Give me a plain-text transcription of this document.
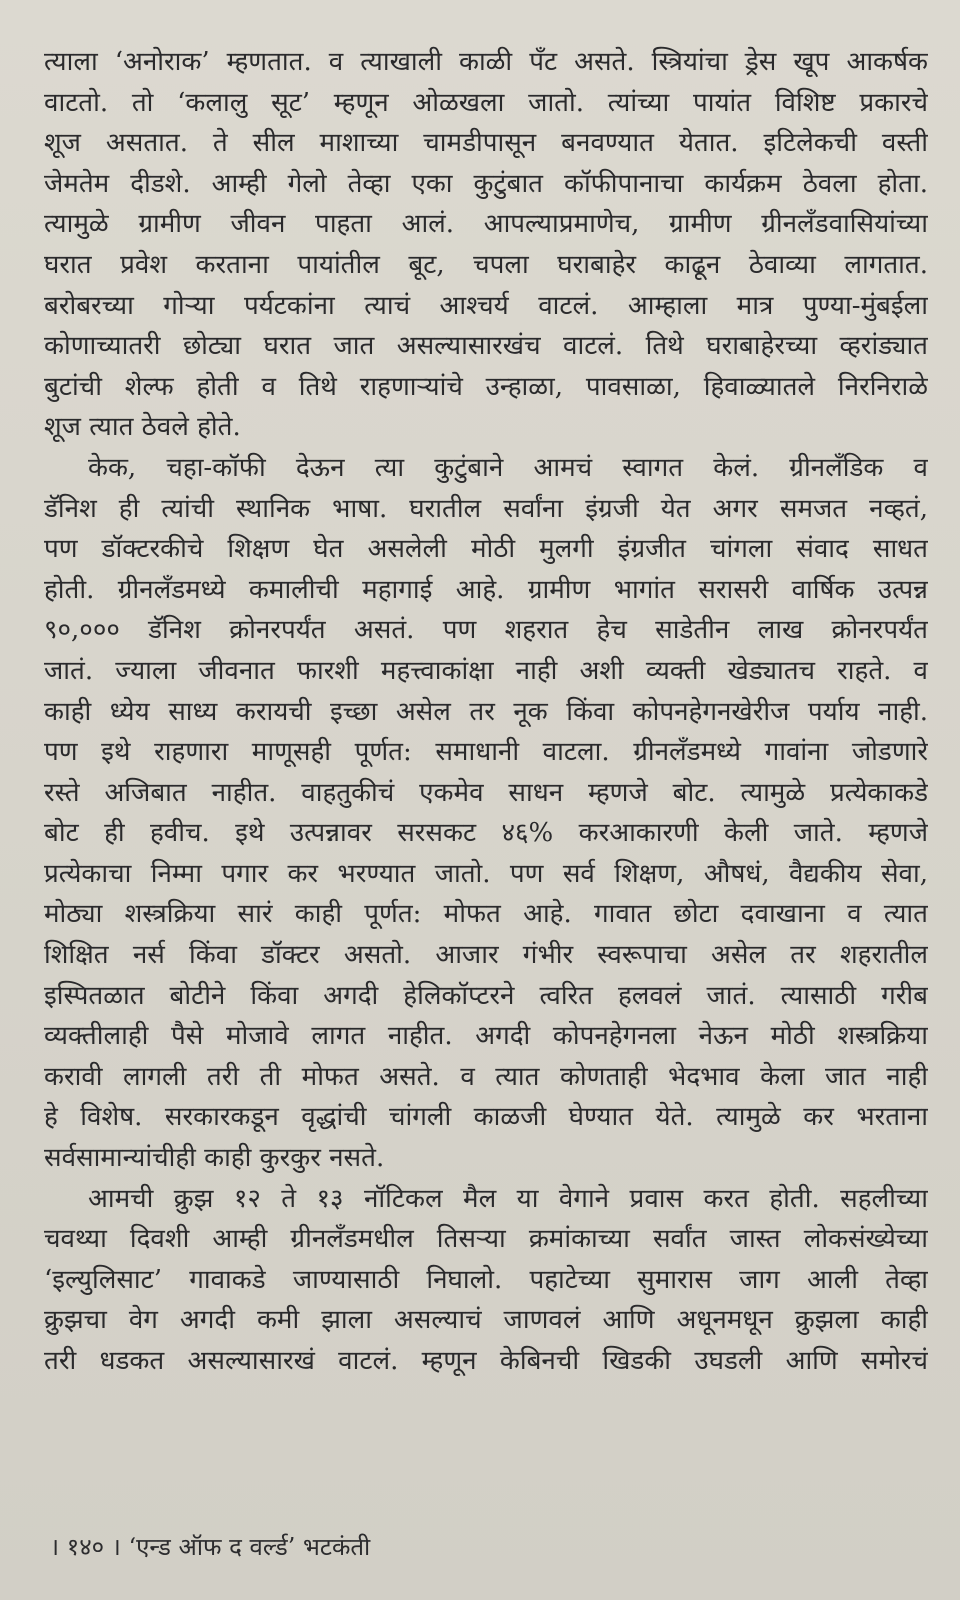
त्याला ‘अनोराक’ म्हणतात. व त्याखाली काळी पँट असते. स्त्रियांचा ड्रेस खूप आकर्षक
वाटतो. तो ‘कलालु सूट’ म्हणून ओळखला जातो. त्यांच्या पायांत विशिष्ट प्रकारचे
शूज असतात. ते सील माशाच्या चामडीपासून बनवण्यात येतात. इटिलेकची वस्ती
जेमतेम दीडशे. आम्ही गेलो तेव्हा एका कुटुंबात कॉफीपानाचा कार्यक्रम ठेवला होता.
त्यामुळे ग्रामीण जीवन पाहता आलं. आपल्याप्रमाणेच, ग्रामीण ग्रीनलँडवासियांच्या
घरात प्रवेश करताना पायांतील बूट, चपला घराबाहेर काढून ठेवाव्या लागतात.
बरोबरच्या गोऱ्या पर्यटकांना त्याचं आश्चर्य वाटलं. आम्हाला मात्र पुण्या-मुंबईला
कोणाच्यातरी छोट्या घरात जात असल्यासारखंच वाटलं. तिथे घराबाहेरच्या व्हरांड्यात
बुटांची शेल्फ होती व तिथे राहणाऱ्यांचे उन्हाळा, पावसाळा, हिवाळ्यातले निरनिराळे
शूज त्यात ठेवले होते.
केक, चहा-कॉफी देऊन त्या कुटुंबाने आमचं स्वागत केलं. ग्रीनलँडिक व
डॅनिश ही त्यांची स्थानिक भाषा. घरातील सर्वांना इंग्रजी येत अगर समजत नव्हतं,
पण डॉक्टरकीचे शिक्षण घेत असलेली मोठी मुलगी इंग्रजीत चांगला संवाद साधत
होती. ग्रीनलँडमध्ये कमालीची महागाई आहे. ग्रामीण भागांत सरासरी वार्षिक उत्पन्न
९०,००० डॅनिश क्रोनरपर्यंत असतं. पण शहरात हेच साडेतीन लाख क्रोनरपर्यंत
जातं. ज्याला जीवनात फारशी महत्त्वाकांक्षा नाही अशी व्यक्ती खेड्यातच राहते. व
काही ध्येय साध्य करायची इच्छा असेल तर नूक किंवा कोपनहेगनखेरीज पर्याय नाही.
पण इथे राहणारा माणूसही पूर्णत: समाधानी वाटला. ग्रीनलँडमध्ये गावांना जोडणारे
रस्ते अजिबात नाहीत. वाहतुकीचं एकमेव साधन म्हणजे बोट. त्यामुळे प्रत्येकाकडे
बोट ही हवीच. इथे उत्पन्नावर सरसकट ४६% करआकारणी केली जाते. म्हणजे
प्रत्येकाचा निम्मा पगार कर भरण्यात जातो. पण सर्व शिक्षण, औषधं, वैद्यकीय सेवा,
मोठ्या शस्त्रक्रिया सारं काही पूर्णत: मोफत आहे. गावात छोटा दवाखाना व त्यात
शिक्षित नर्स किंवा डॉक्टर असतो. आजार गंभीर स्वरूपाचा असेल तर शहरातील
इस्पितळात बोटीने किंवा अगदी हेलिकॉप्टरने त्वरित हलवलं जातं. त्यासाठी गरीब
व्यक्तीलाही पैसे मोजावे लागत नाहीत. अगदी कोपनहेगनला नेऊन मोठी शस्त्रक्रिया
करावी लागली तरी ती मोफत असते. व त्यात कोणताही भेदभाव केला जात नाही
हे विशेष. सरकारकडून वृद्धांची चांगली काळजी घेण्यात येते. त्यामुळे कर भरताना
सर्वसामान्यांचीही काही कुरकुर नसते.
आमची क्रुझ १२ ते १३ नॉटिकल मैल या वेगाने प्रवास करत होती. सहलीच्या
चवथ्या दिवशी आम्ही ग्रीनलँडमधील तिसऱ्या क्रमांकाच्या सर्वांत जास्त लोकसंख्येच्या
‘इल्युलिसाट’ गावाकडे जाण्यासाठी निघालो. पहाटेच्या सुमारास जाग आली तेव्हा
क्रुझचा वेग अगदी कमी झाला असल्याचं जाणवलं आणि अधूनमधून क्रुझला काही
तरी धडकत असल्यासारखं वाटलं. म्हणून केबिनची खिडकी उघडली आणि समोरचं
। १४० । ‘एन्ड ऑफ द वर्ल्ड’ भटकंती
